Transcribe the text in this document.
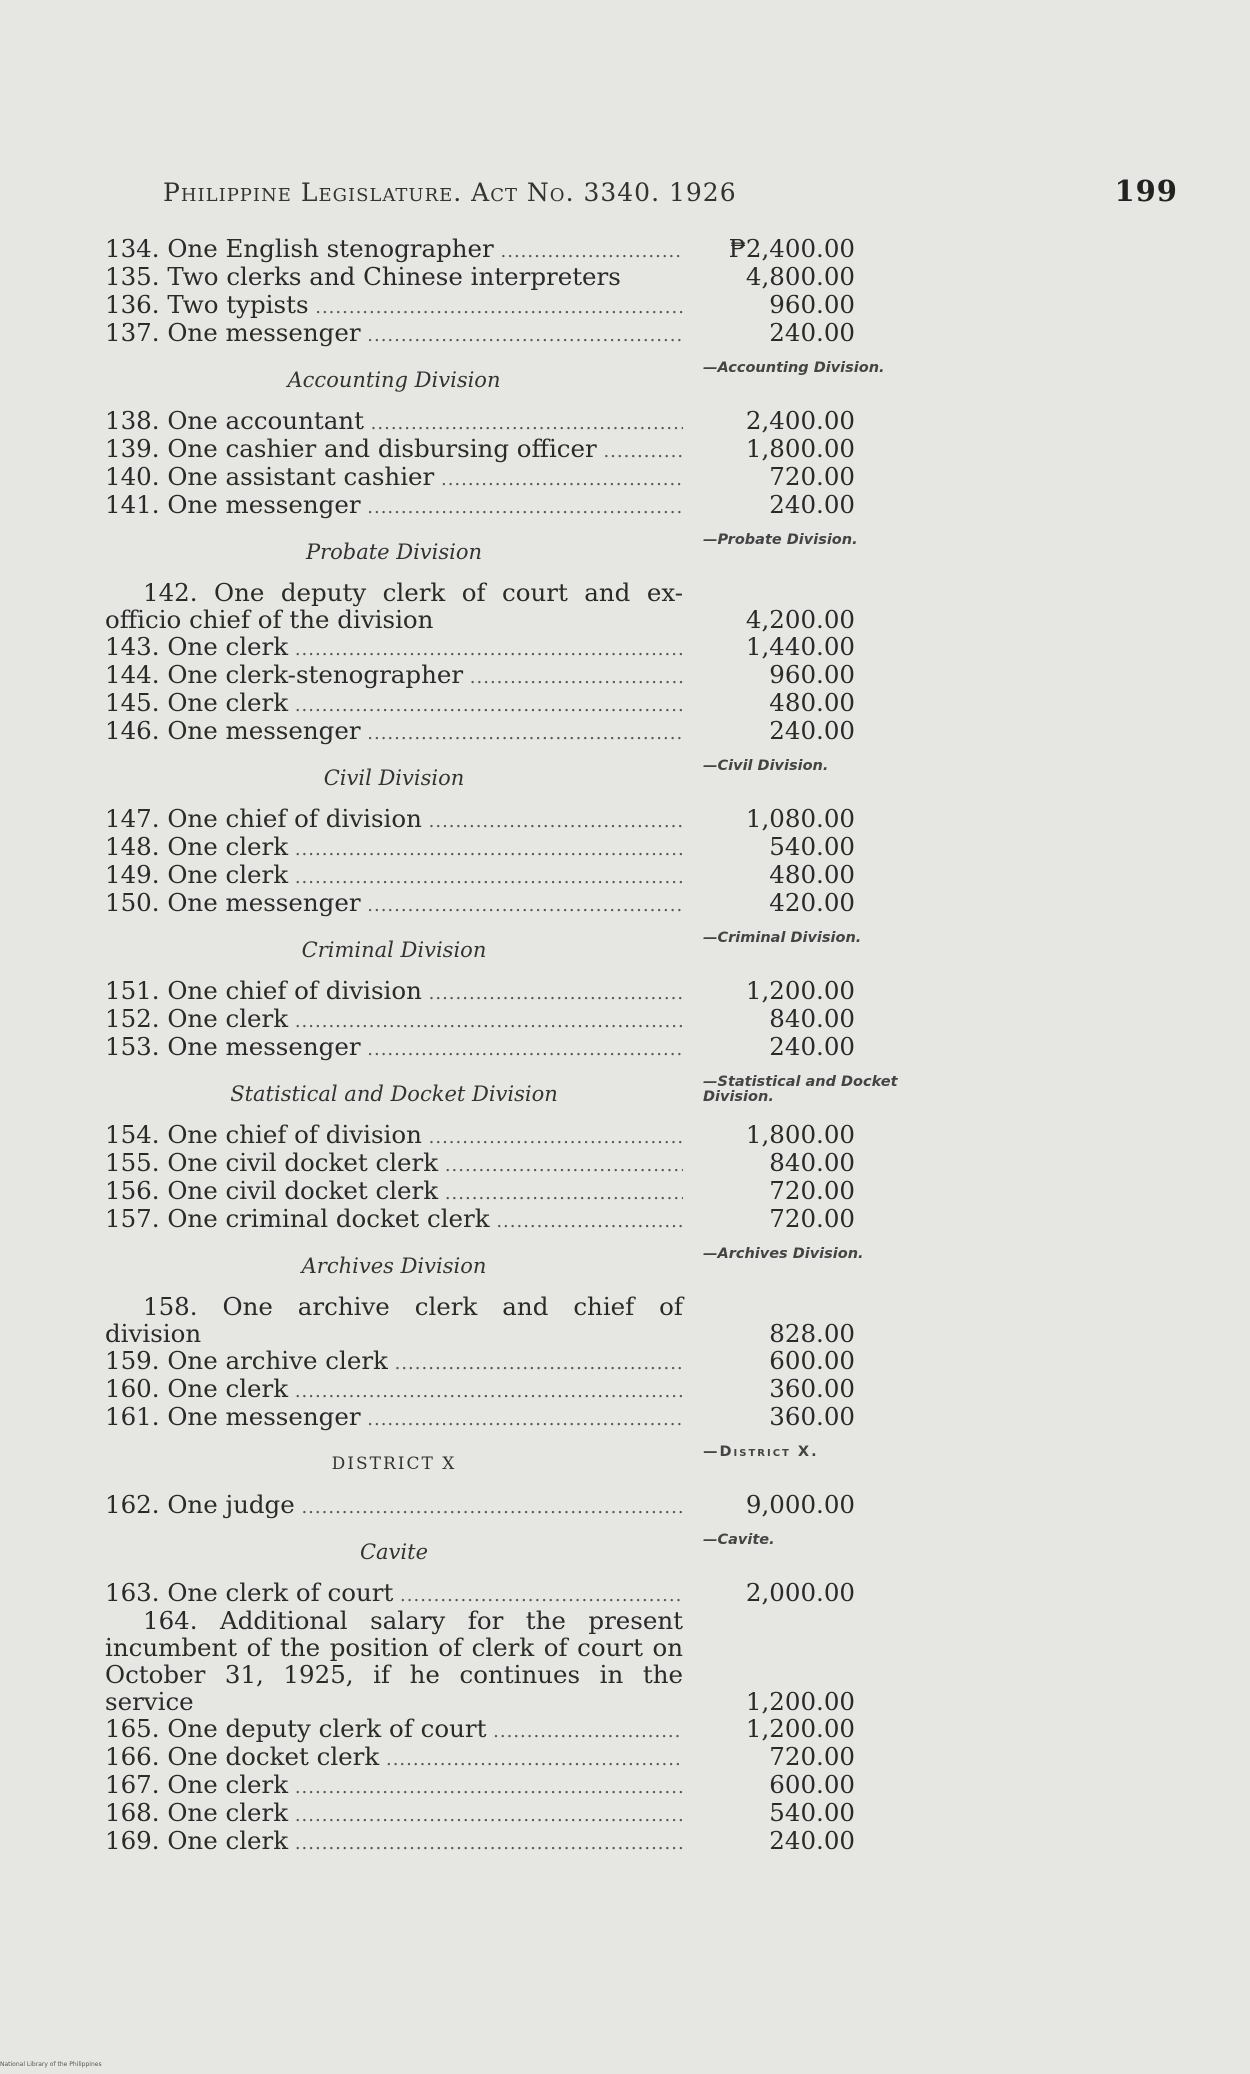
Philippine Legislature. Act No. 3340. 1926	199
134. One English stenographer .....	₱2,400.00
135. Two clerks and Chinese interpreters	4,800.00
136. Two typists .....	960.00
137. One messenger .....	240.00
Accounting Division	—Accounting Division.
138. One accountant .....	2,400.00
139. One cashier and disbursing officer .....	1,800.00
140. One assistant cashier .....	720.00
141. One messenger .....	240.00
Probate Division	—Probate Division.
142. One deputy clerk of court and ex-officio chief of the division	4,200.00
143. One clerk .....	1,440.00
144. One clerk-stenographer .....	960.00
145. One clerk .....	480.00
146. One messenger .....	240.00
Civil Division	—Civil Division.
147. One chief of division .....	1,080.00
148. One clerk .....	540.00
149. One clerk .....	480.00
150. One messenger .....	420.00
Criminal Division	—Criminal Division.
151. One chief of division .....	1,200.00
152. One clerk .....	840.00
153. One messenger .....	240.00
Statistical and Docket Division	—Statistical and Docket Division.
154. One chief of division .....	1,800.00
155. One civil docket clerk .....	840.00
156. One civil docket clerk .....	720.00
157. One criminal docket clerk .....	720.00
Archives Division	—Archives Division.
158. One archive clerk and chief of division	828.00
159. One archive clerk .....	600.00
160. One clerk .....	360.00
161. One messenger .....	360.00
DISTRICT X
—District X.
162. One judge .....	9,000.00
Cavite	—Cavite.
163. One clerk of court .....	2,000.00
164. Additional salary for the present incumbent of the position of clerk of court on October 31, 1925, if he continues in the service	1,200.00
165. One deputy clerk of court .....	1,200.00
166. One docket clerk .....	720.00
167. One clerk .....	600.00
168. One clerk .....	540.00
169. One clerk .....	240.00
National Library of the Philippines
